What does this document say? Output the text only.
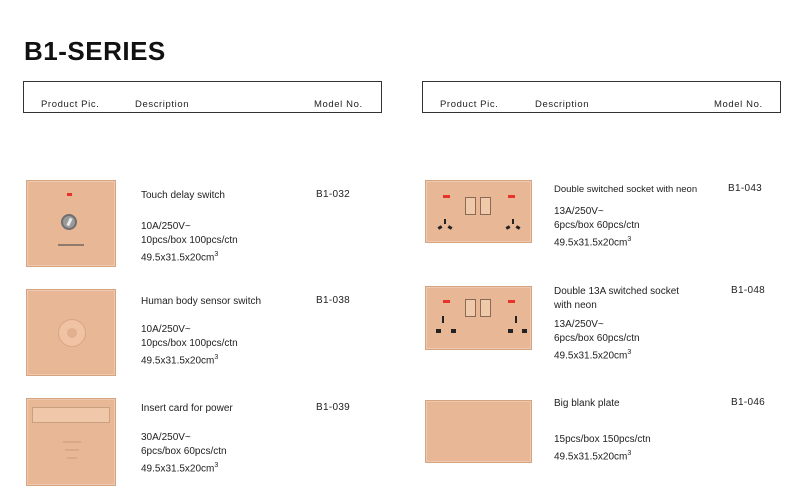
B1-SERIES
Product Pic.	Description	Model No.	Product Pic.	Description	Model No.
Touch delay switch	B1-032
10A/250V~
10pcs/box 100pcs/ctn
$49.5x31.5x20cm^3$
Human body sensor switch	B1-038
10A/250V~
10pcs/box 100pcs/ctn
$49.5x31.5x20cm^3$
Insert card for power	B1-039
30A/250V~
6pcs/box 60pcs/ctn
$49.5x31.5x20cm^3$
Double switched socket with neon	B1-043
13A/250V~
6pcs/box 60pcs/ctn
$49.5x31.5x20cm^3$
Double 13A switched socket
with neon
B1-048
13A/250V~
6pcs/box 60pcs/ctn
$49.5x31.5x20cm^3$
Big blank plate	B1-046
15pcs/box 150pcs/ctn
$49.5x31.5x20cm^3$
